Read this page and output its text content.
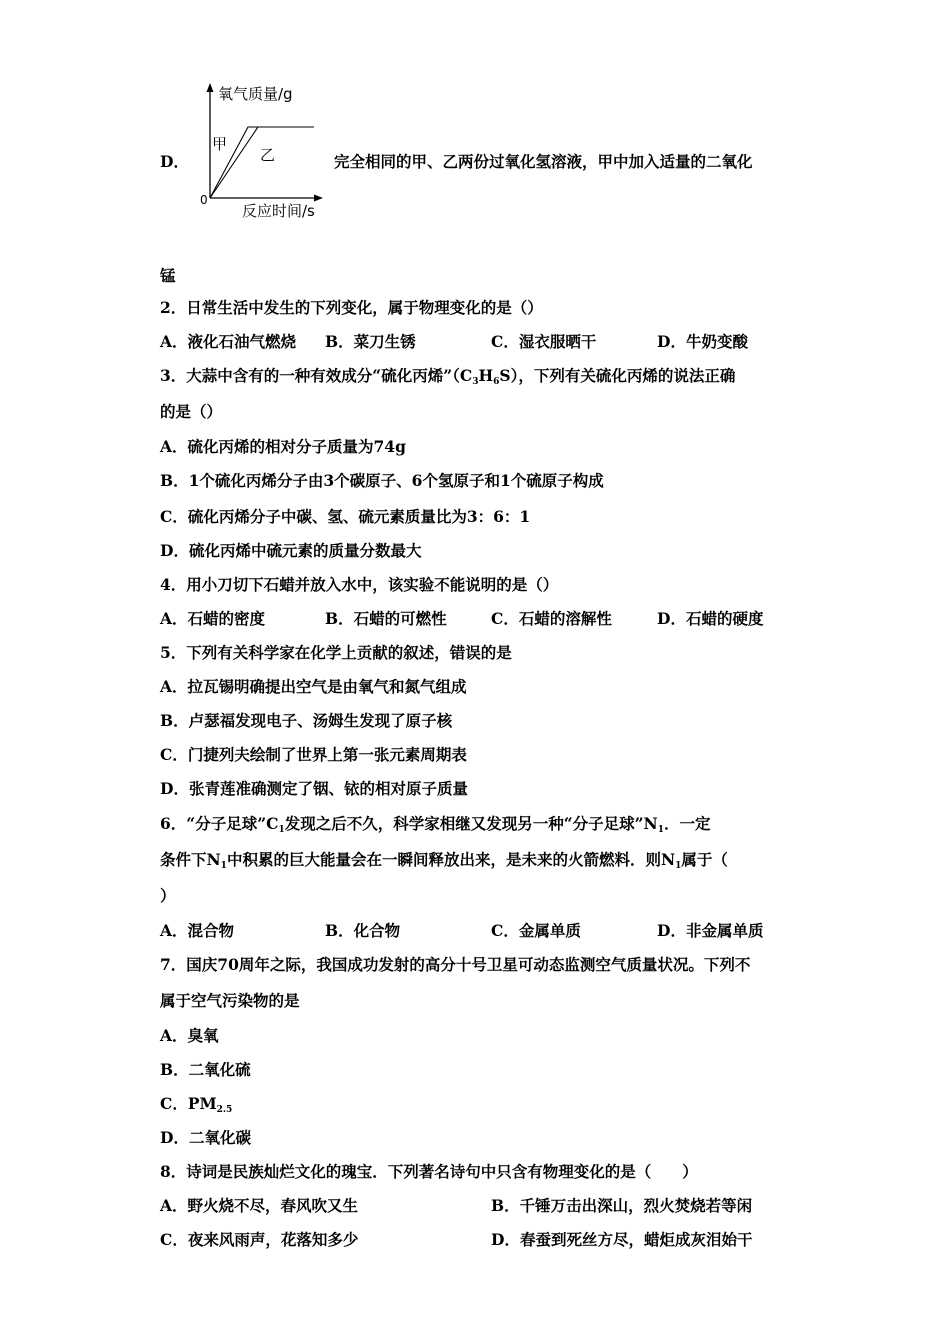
D．
氧气质量/g
0
反应时间/s
甲
乙	完全相同的甲、乙两份过氧化氢溶液，甲中加入适量的二氧化
锰
2．日常生活中发生的下列变化，属于物理变化的是（）
A．液化石油气燃烧 B．菜刀生锈	C．湿衣服晒干	D．牛奶变酸
3．大蒜中含有的一种有效成分“硫化丙烯$”(C_3H_6S)$，下列有关硫化丙烯的说法正确
的是（）
A．硫化丙烯的相对分子质量为74g
B．1个硫化丙烯分子由3个碳原子、6个氢原子和1个硫原子构成
C．硫化丙烯分子中碳、氢、硫元素质量比为3：6：1
D．硫化丙烯中硫元素的质量分数最大
4．用小刀切下石蜡并放入水中，该实验不能说明的是（）
A．石蜡的密度	B．石蜡的可燃性	C．石蜡的溶解性	D．石蜡的硬度
5．下列有关科学家在化学上贡献的叙述，错误的是
A．拉瓦锡明确提出空气是由氧气和氮气组成
B．卢瑟福发现电子、汤姆生发现了原子核
C．门捷列夫绘制了世界上第一张元素周期表
D．张青莲准确测定了铟、铱的相对原子质量
6．“分子足球$”C_1$发现之后不久，科学家相继又发现另一种“分子足球$”N_1$．一定
条件下$N_1$中积累的巨大能量会在一瞬间释放出来，是未来的火箭燃料．则$N_1$属于（
）
A．混合物	B．化合物	C．金属单质	D．非金属单质
7．国庆70周年之际，我国成功发射的高分十号卫星可动态监测空气质量状况。下列不
属于空气污染物的是
A．臭氧
B．二氧化硫
C．$PM_{2.5}$
D．二氧化碳
8．诗词是民族灿烂文化的瑰宝．下列著名诗句中只含有物理变化的是（　　）
A．野火烧不尽，春风吹又生	B．千锤万击出深山，烈火焚烧若等闲
C．夜来风雨声，花落知多少	D．春蚕到死丝方尽，蜡炬成灰泪始干
